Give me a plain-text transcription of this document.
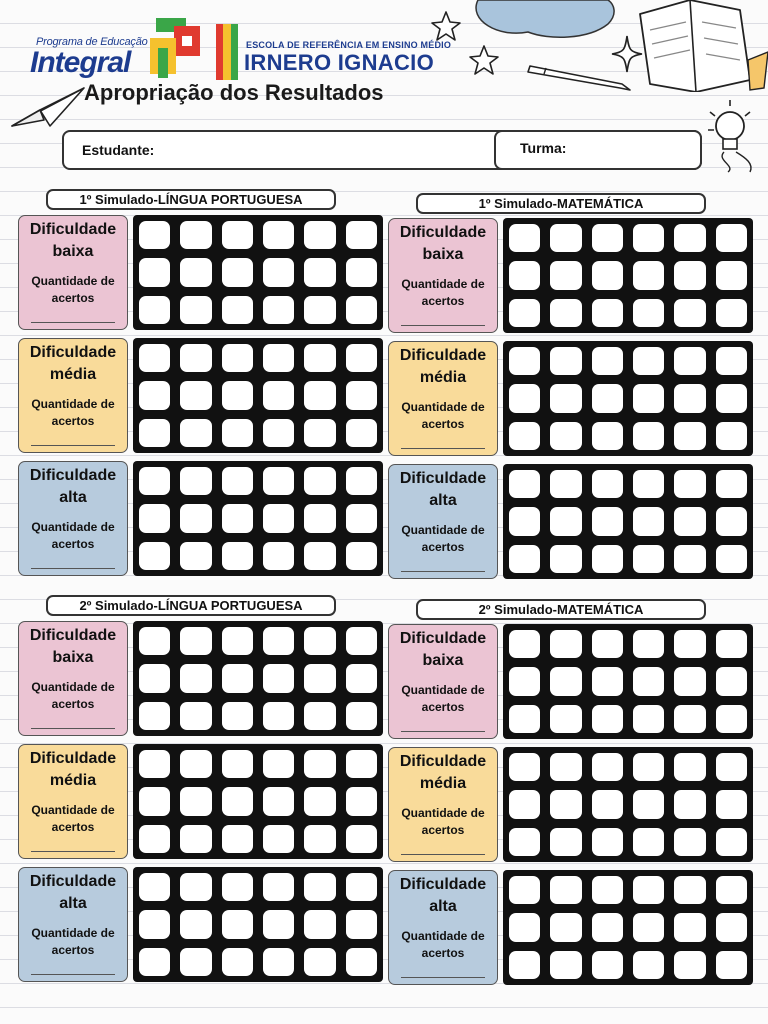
Programa de Educação
Integral
ESCOLA DE REFERÊNCIA EM ENSINO MÉDIO
IRNERO IGNACIO
Apropriação dos Resultados
Estudante:	Turma:
1º Simulado-LÍNGUA PORTUGUESA
Dificuldade
baixa
Quantidade de
acertos
Dificuldade
média
Quantidade de
acertos
Dificuldade
alta
Quantidade de
acertos
1º Simulado-MATEMÁTICA
Dificuldade
baixa
Quantidade de
acertos
Dificuldade
média
Quantidade de
acertos
Dificuldade
alta
Quantidade de
acertos
2º Simulado-LÍNGUA PORTUGUESA
Dificuldade
baixa
Quantidade de
acertos
Dificuldade
média
Quantidade de
acertos
Dificuldade
alta
Quantidade de
acertos
2º Simulado-MATEMÁTICA
Dificuldade
baixa
Quantidade de
acertos
Dificuldade
média
Quantidade de
acertos
Dificuldade
alta
Quantidade de
acertos
